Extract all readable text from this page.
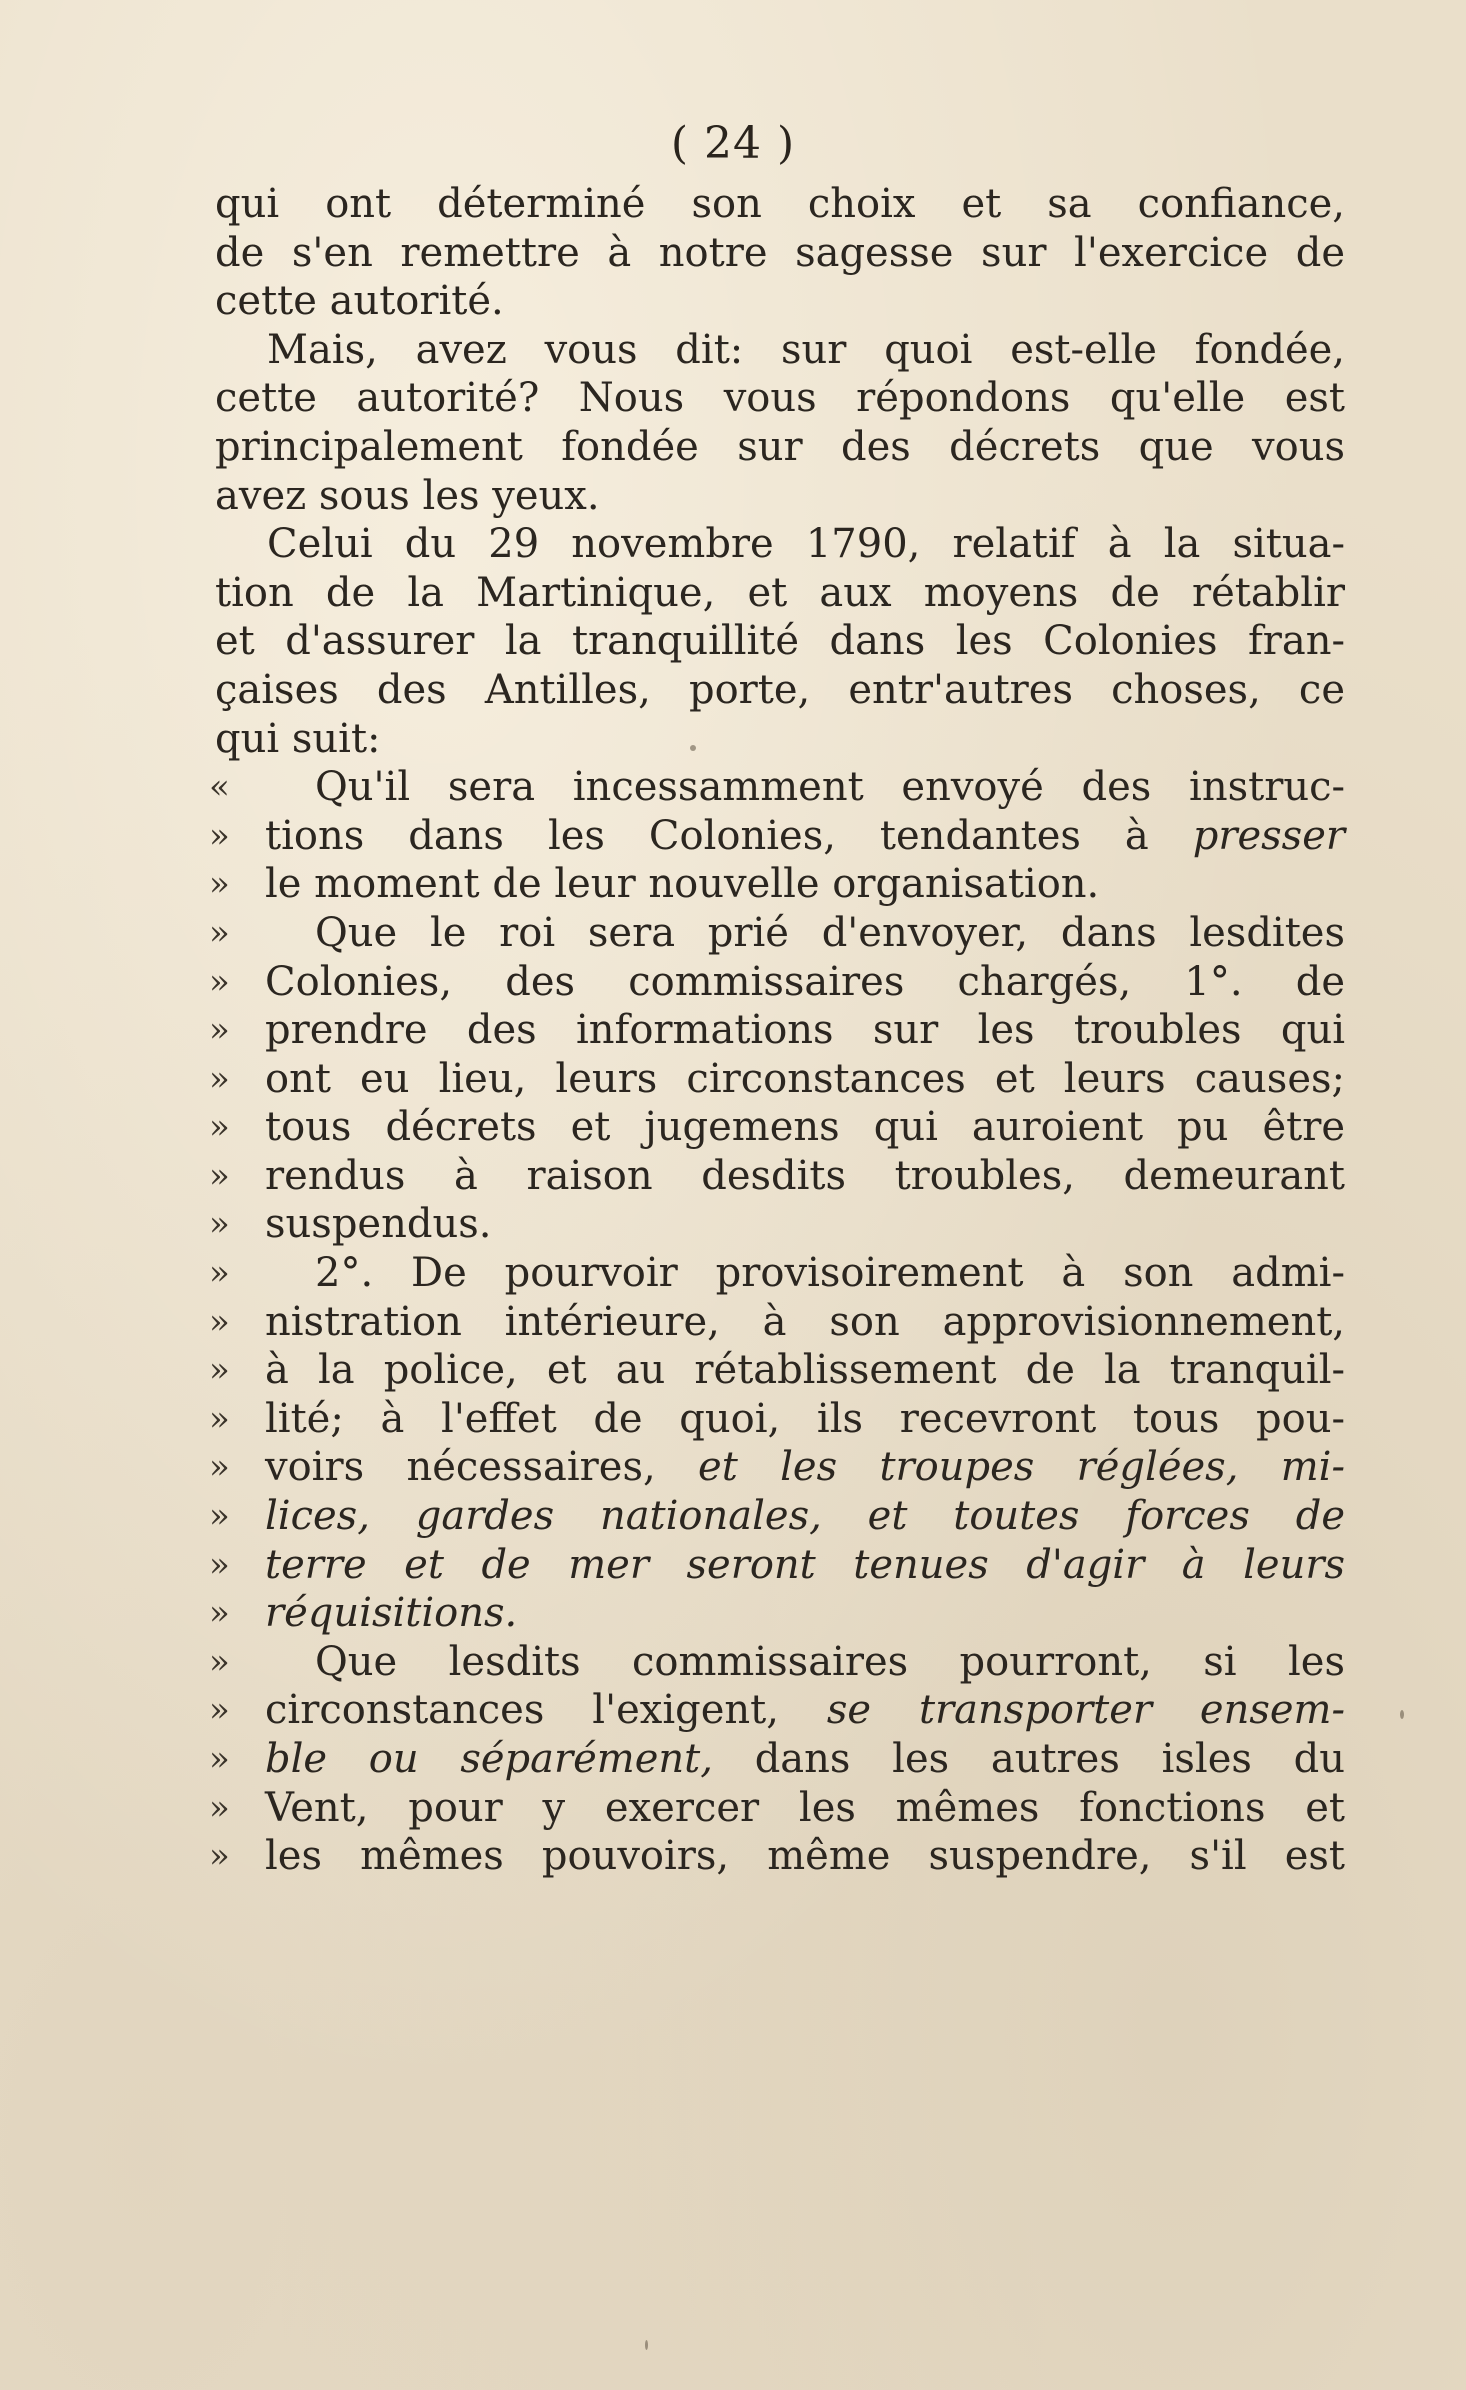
( 24 )
qui ont déterminé son choix et sa confiance,
de s'en remettre à notre sagesse sur l'exercice de
cette autorité.
Mais, avez vous dit: sur quoi est-elle fondée,
cette autorité? Nous vous répondons qu'elle est
principalement fondée sur des décrets que vous
avez sous les yeux.
Celui du 29 novembre 1790, relatif à la situa-
tion de la Martinique, et aux moyens de rétablir
et d'assurer la tranquillité dans les Colonies fran-
çaises des Antilles, porte, entr'autres choses, ce
qui suit:
«	Qu'il sera incessamment envoyé des instruc-
» tions dans les Colonies, tendantes à presser
» le moment de leur nouvelle organisation.
»	Que le roi sera prié d'envoyer, dans lesdites
» Colonies, des commissaires chargés, 1°. de
» prendre des informations sur les troubles qui
» ont eu lieu, leurs circonstances et leurs causes;
» tous décrets et jugemens qui auroient pu être
» rendus à raison desdits troubles, demeurant
» suspendus.
»	2°. De pourvoir provisoirement à son admi-
» nistration intérieure, à son approvisionnement,
» à la police, et au rétablissement de la tranquil-
» lité; à l'effet de quoi, ils recevront tous pou-
» voirs nécessaires, et les troupes réglées, mi-
» lices, gardes nationales, et toutes forces de
» terre et de mer seront tenues d'agir à leurs
» réquisitions.
»	Que lesdits commissaires pourront, si les
» circonstances l'exigent, se transporter ensem-
» ble ou séparément, dans les autres isles du
» Vent, pour y exercer les mêmes fonctions et
» les mêmes pouvoirs, même suspendre, s'il est
